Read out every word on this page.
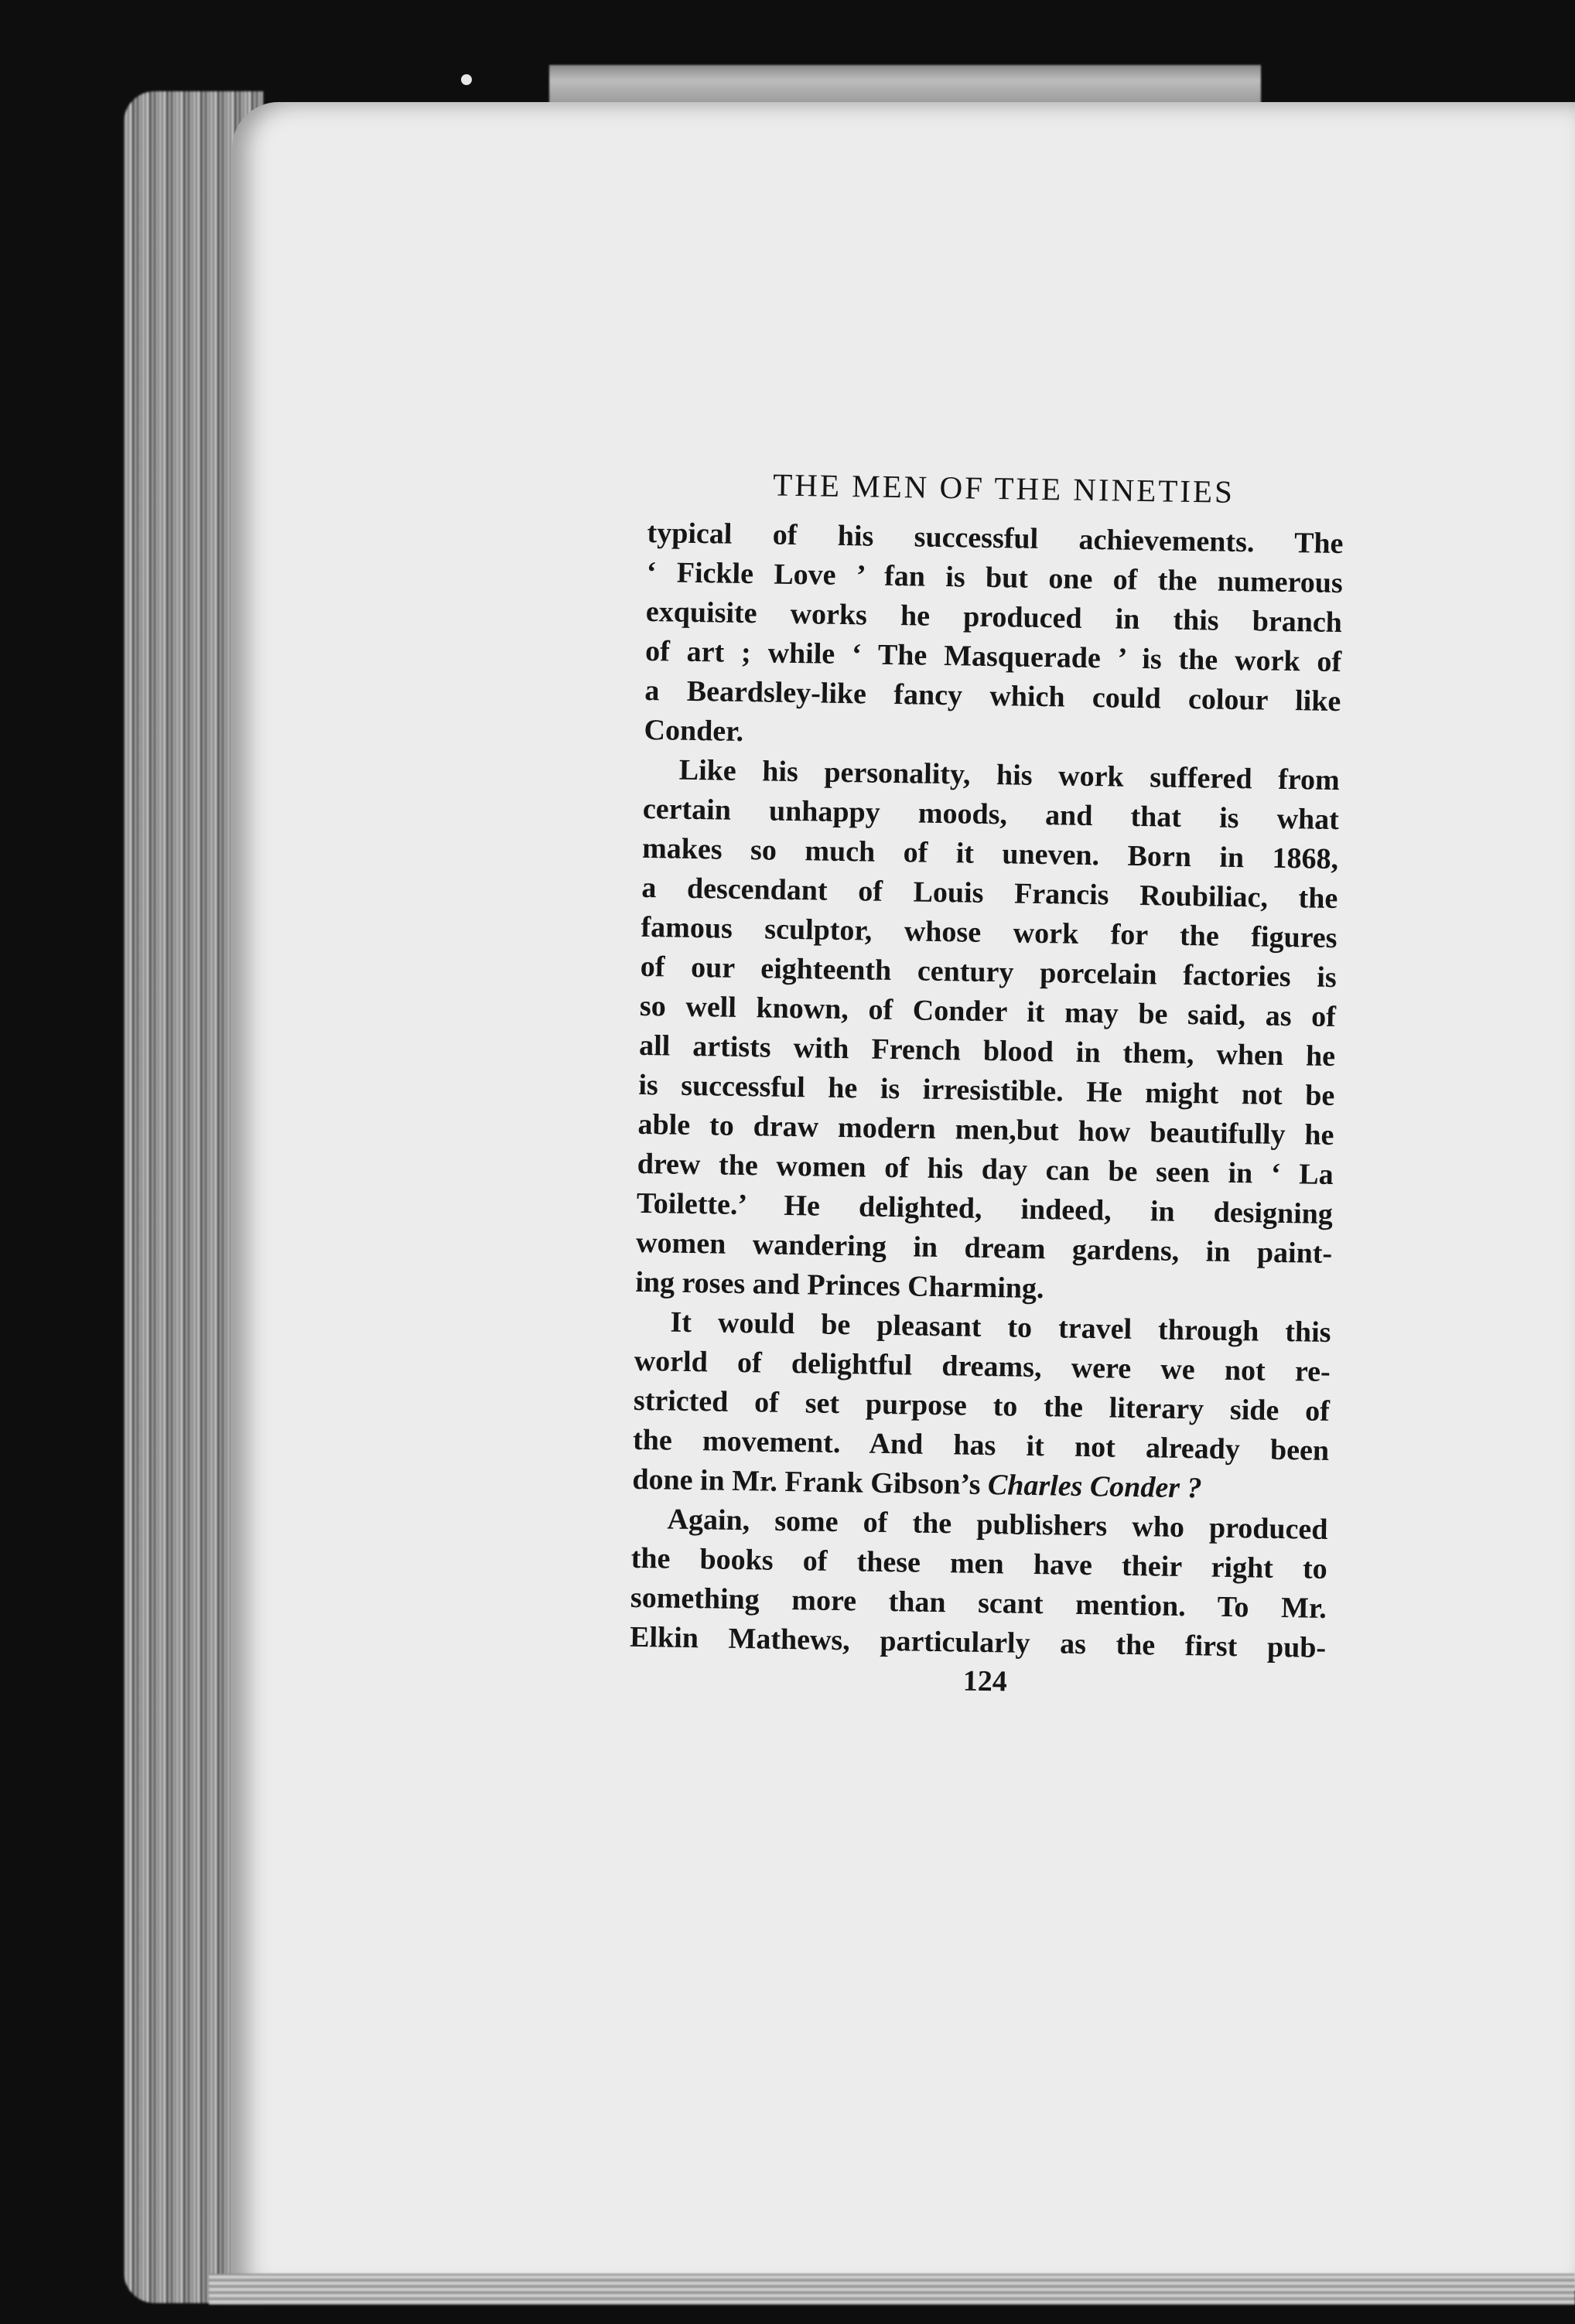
THE MEN OF THE NINETIES

typical of his successful achievements. The
‘ Fickle Love ’ fan is but one of the numerous
exquisite works he produced in this branch
of art ; while ‘ The Masquerade ’ is the work of
a Beardsley-like fancy which could colour like
Conder.

Like his personality, his work suffered from
certain unhappy moods, and that is what
makes so much of it uneven. Born in 1868,
a descendant of Louis Francis Roubiliac, the
famous sculptor, whose work for the figures
of our eighteenth century porcelain factories is
so well known, of Conder it may be said, as of
all artists with French blood in them, when he
is successful he is irresistible. He might not be
able to draw modern men,but how beautifully he
drew the women of his day can be seen in ‘ La
Toilette.’ He delighted, indeed, in designing
women wandering in dream gardens, in paint-
ing roses and Princes Charming.

It would be pleasant to travel through this
world of delightful dreams, were we not re-
stricted of set purpose to the literary side of
the movement. And has it not already been
done in Mr. Frank Gibson’s Charles Conder ?

Again, some of the publishers who produced
the books of these men have their right to
something more than scant mention. To Mr.
Elkin Mathews, particularly as the first pub-

124
